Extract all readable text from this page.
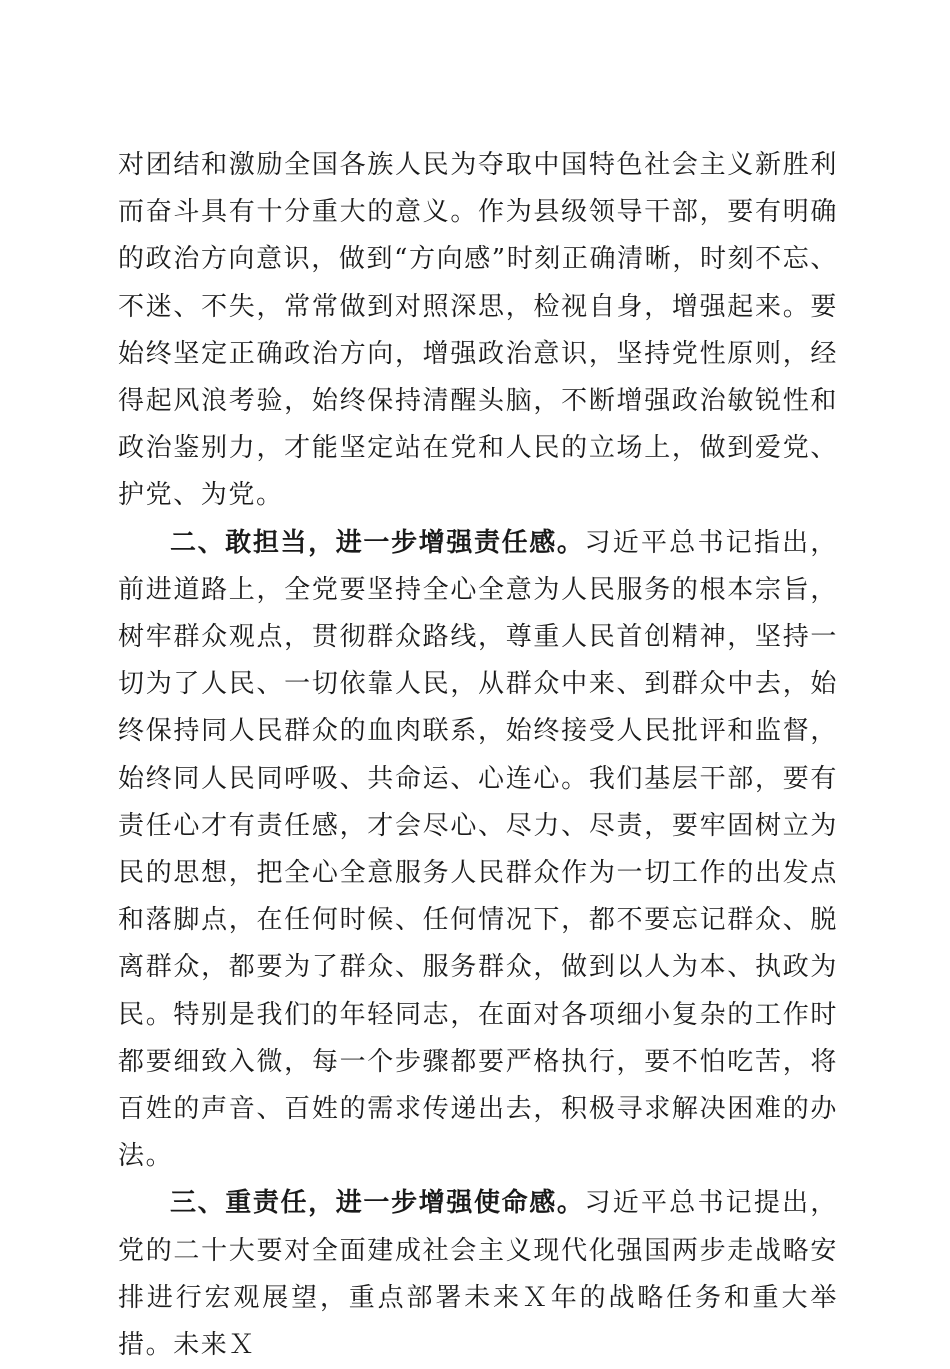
对团结和激励全国各族人民为夺取中国特色社会主义新胜利而奋斗具有十分重大的意义。作为县级领导干部，要有明确的政治方向意识，做到“方向感”时刻正确清晰，时刻不忘、不迷、不失，常常做到对照深思，检视自身，增强起来。要始终坚定正确政治方向，增强政治意识，坚持党性原则，经得起风浪考验，始终保持清醒头脑，不断增强政治敏锐性和政治鉴别力，才能坚定站在党和人民的立场上，做到爱党、护党、为党。

二、敢担当，进一步增强责任感。习近平总书记指出，前进道路上，全党要坚持全心全意为人民服务的根本宗旨，树牢群众观点，贯彻群众路线，尊重人民首创精神，坚持一切为了人民、一切依靠人民，从群众中来、到群众中去，始终保持同人民群众的血肉联系，始终接受人民批评和监督，始终同人民同呼吸、共命运、心连心。我们基层干部，要有责任心才有责任感，才会尽心、尽力、尽责，要牢固树立为民的思想，把全心全意服务人民群众作为一切工作的出发点和落脚点，在任何时候、任何情况下，都不要忘记群众、脱离群众，都要为了群众、服务群众，做到以人为本、执政为民。特别是我们的年轻同志，在面对各项细小复杂的工作时都要细致入微，每一个步骤都要严格执行，要不怕吃苦，将百姓的声音、百姓的需求传递出去，积极寻求解决困难的办法。

三、重责任，进一步增强使命感。习近平总书记提出，党的二十大要对全面建成社会主义现代化强国两步走战略安排进行宏观展望，重点部署未来Ｘ年的战略任务和重大举措。未来Ｘ
